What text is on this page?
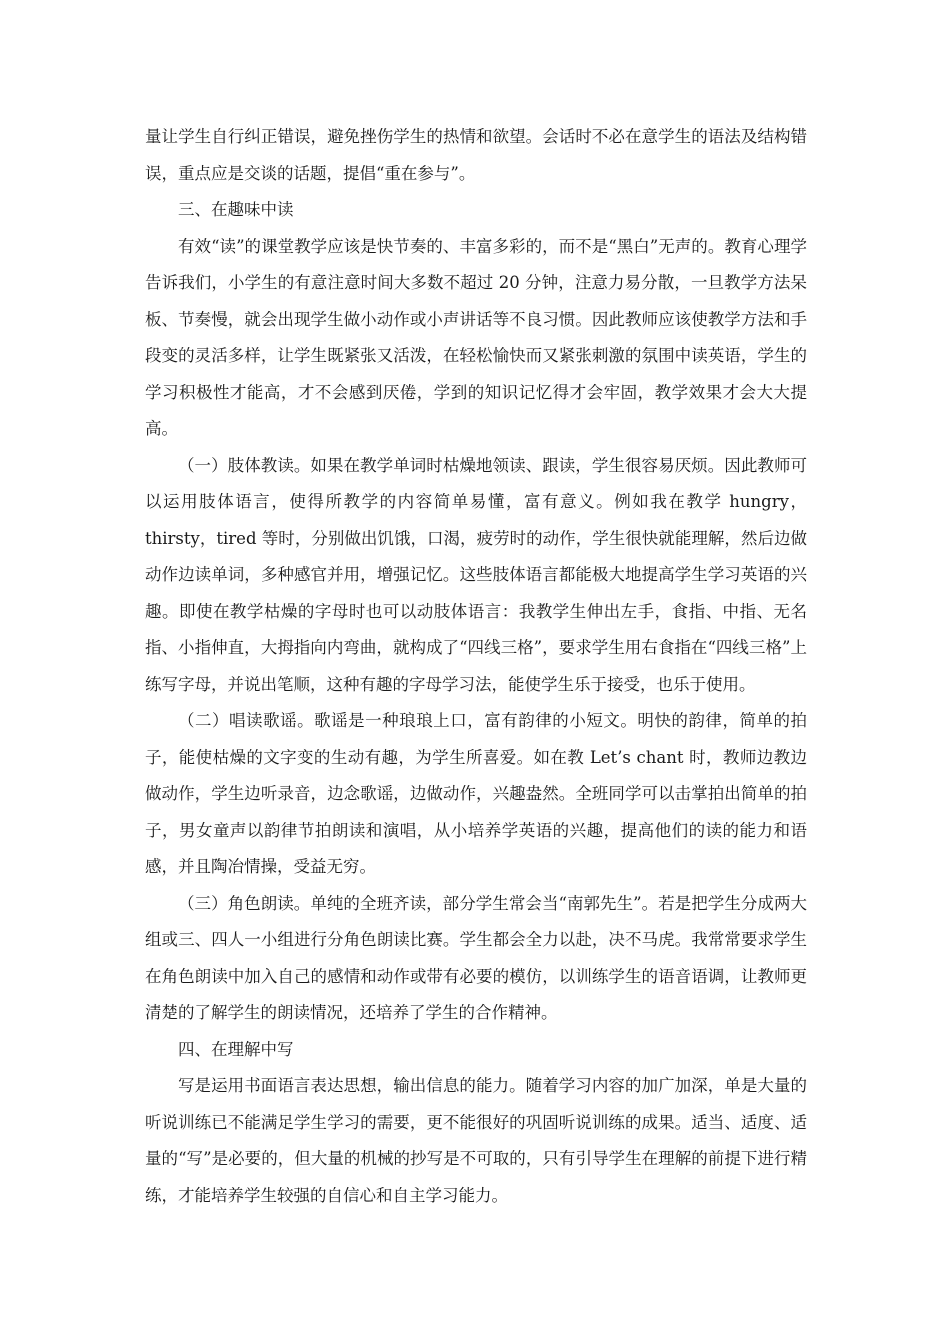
量让学生自行纠正错误，避免挫伤学生的热情和欲望。会话时不必在意学生的语法及结构错误，重点应是交谈的话题，提倡“重在参与”。

三、在趣味中读

有效“读”的课堂教学应该是快节奏的、丰富多彩的，而不是“黑白”无声的。教育心理学告诉我们，小学生的有意注意时间大多数不超过 20 分钟，注意力易分散，一旦教学方法呆板、节奏慢，就会出现学生做小动作或小声讲话等不良习惯。因此教师应该使教学方法和手段变的灵活多样，让学生既紧张又活泼，在轻松愉快而又紧张刺激的氛围中读英语，学生的学习积极性才能高，才不会感到厌倦，学到的知识记忆得才会牢固，教学效果才会大大提高。

（一）肢体教读。如果在教学单词时枯燥地领读、跟读，学生很容易厌烦。因此教师可以运用肢体语言，使得所教学的内容简单易懂，富有意义。例如我在教学 hungry，thirsty，tired 等时，分别做出饥饿，口渴，疲劳时的动作，学生很快就能理解，然后边做动作边读单词，多种感官并用，增强记忆。这些肢体语言都能极大地提高学生学习英语的兴趣。即使在教学枯燥的字母时也可以动肢体语言：我教学生伸出左手，食指、中指、无名指、小指伸直，大拇指向内弯曲，就构成了“四线三格”，要求学生用右食指在“四线三格”上练写字母，并说出笔顺，这种有趣的字母学习法，能使学生乐于接受，也乐于使用。

（二）唱读歌谣。歌谣是一种琅琅上口，富有韵律的小短文。明快的韵律，简单的拍子，能使枯燥的文字变的生动有趣，为学生所喜爱。如在教 Let’s chant 时，教师边教边做动作，学生边听录音，边念歌谣，边做动作，兴趣盎然。全班同学可以击掌拍出简单的拍子，男女童声以韵律节拍朗读和演唱，从小培养学英语的兴趣，提高他们的读的能力和语感，并且陶冶情操，受益无穷。

（三）角色朗读。单纯的全班齐读，部分学生常会当“南郭先生”。若是把学生分成两大组或三、四人一小组进行分角色朗读比赛。学生都会全力以赴，决不马虎。我常常要求学生在角色朗读中加入自己的感情和动作或带有必要的模仿，以训练学生的语音语调，让教师更清楚的了解学生的朗读情况，还培养了学生的合作精神。

四、在理解中写

写是运用书面语言表达思想，输出信息的能力。随着学习内容的加广加深，单是大量的听说训练已不能满足学生学习的需要，更不能很好的巩固听说训练的成果。适当、适度、适量的“写”是必要的，但大量的机械的抄写是不可取的，只有引导学生在理解的前提下进行精练，才能培养学生较强的自信心和自主学习能力。
